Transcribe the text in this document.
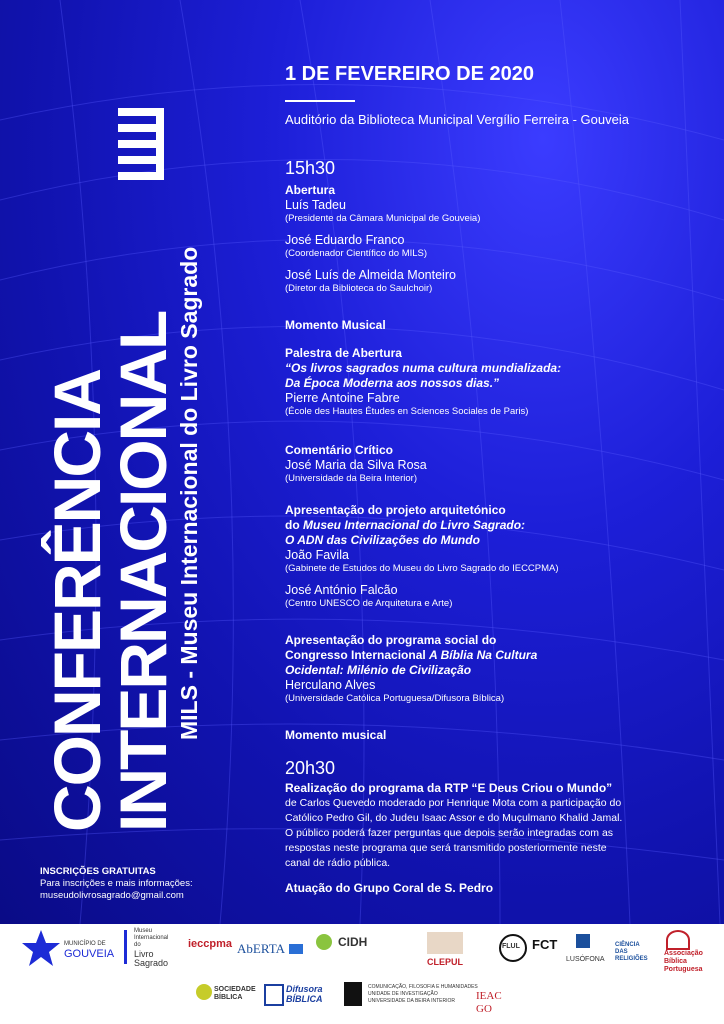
CONFERÊNCIA
INTERNACIONAL
MILS - Museu Internacional do Livro Sagrado
1 DE FEVEREIRO DE 2020
Auditório da Biblioteca Municipal Vergílio Ferreira - Gouveia
15h30
Abertura
Luís Tadeu
(Presidente da Câmara Municipal de Gouveia)
José Eduardo Franco
(Coordenador Científico do MILS)
José Luís de Almeida Monteiro
(Diretor da Biblioteca do Saulchoir)
Momento Musical
Palestra de Abertura
“Os livros sagrados numa cultura mundializada:
Da Época Moderna aos nossos dias.”
Pierre Antoine Fabre
(École des Hautes Études en Sciences Sociales de Paris)
Comentário Crítico
José Maria da Silva Rosa
(Universidade da Beira Interior)
Apresentação do projeto arquitetónico
do Museu Internacional do Livro Sagrado:
O ADN das Civilizações do Mundo
João Favila
(Gabinete de Estudos do Museu do Livro Sagrado do IECCPMA)
José António Falcão
(Centro UNESCO de Arquitetura e Arte)
Apresentação do programa social do
Congresso Internacional A Bíblia Na Cultura
Ocidental: Milénio de Civilização
Herculano Alves
(Universidade Católica Portuguesa/Difusora Bíblica)
Momento musical
20h30
Realização do programa da RTP “E Deus Criou o Mundo”
de Carlos Quevedo moderado por Henrique Mota com a participação do
Católico Pedro Gil, do Judeu Isaac Assor e do Muçulmano Khalid Jamal.
O público poderá fazer perguntas que depois serão integradas com as
respostas neste programa que será transmitido posteriormente neste
canal de rádio pública.
Atuação do Grupo Coral de S. Pedro
INSCRIÇÕES GRATUITAS
Para inscrições e mais informações:
museudolivrosagrado@gmail.com
MUNICÍPIO DE
GOUVEIA
Museu
Internacional
do
Livro
Sagrado
ieccpma AbERTA	CIDH
CLEPUL
FLUL FCT
LUSÓFONA
CIÊNCIA
DAS
RELIGIÕES
Associação
Bíblica
Portuguesa
SOCIEDADE
BÍBLICA
Difusora
BÍBLICA
COMUNICAÇÃO, FILOSOFIA E HUMANIDADES
UNIDADE DE INVESTIGAÇÃO
UNIVERSIDADE DA BEIRA INTERIOR	IEAC
GO
